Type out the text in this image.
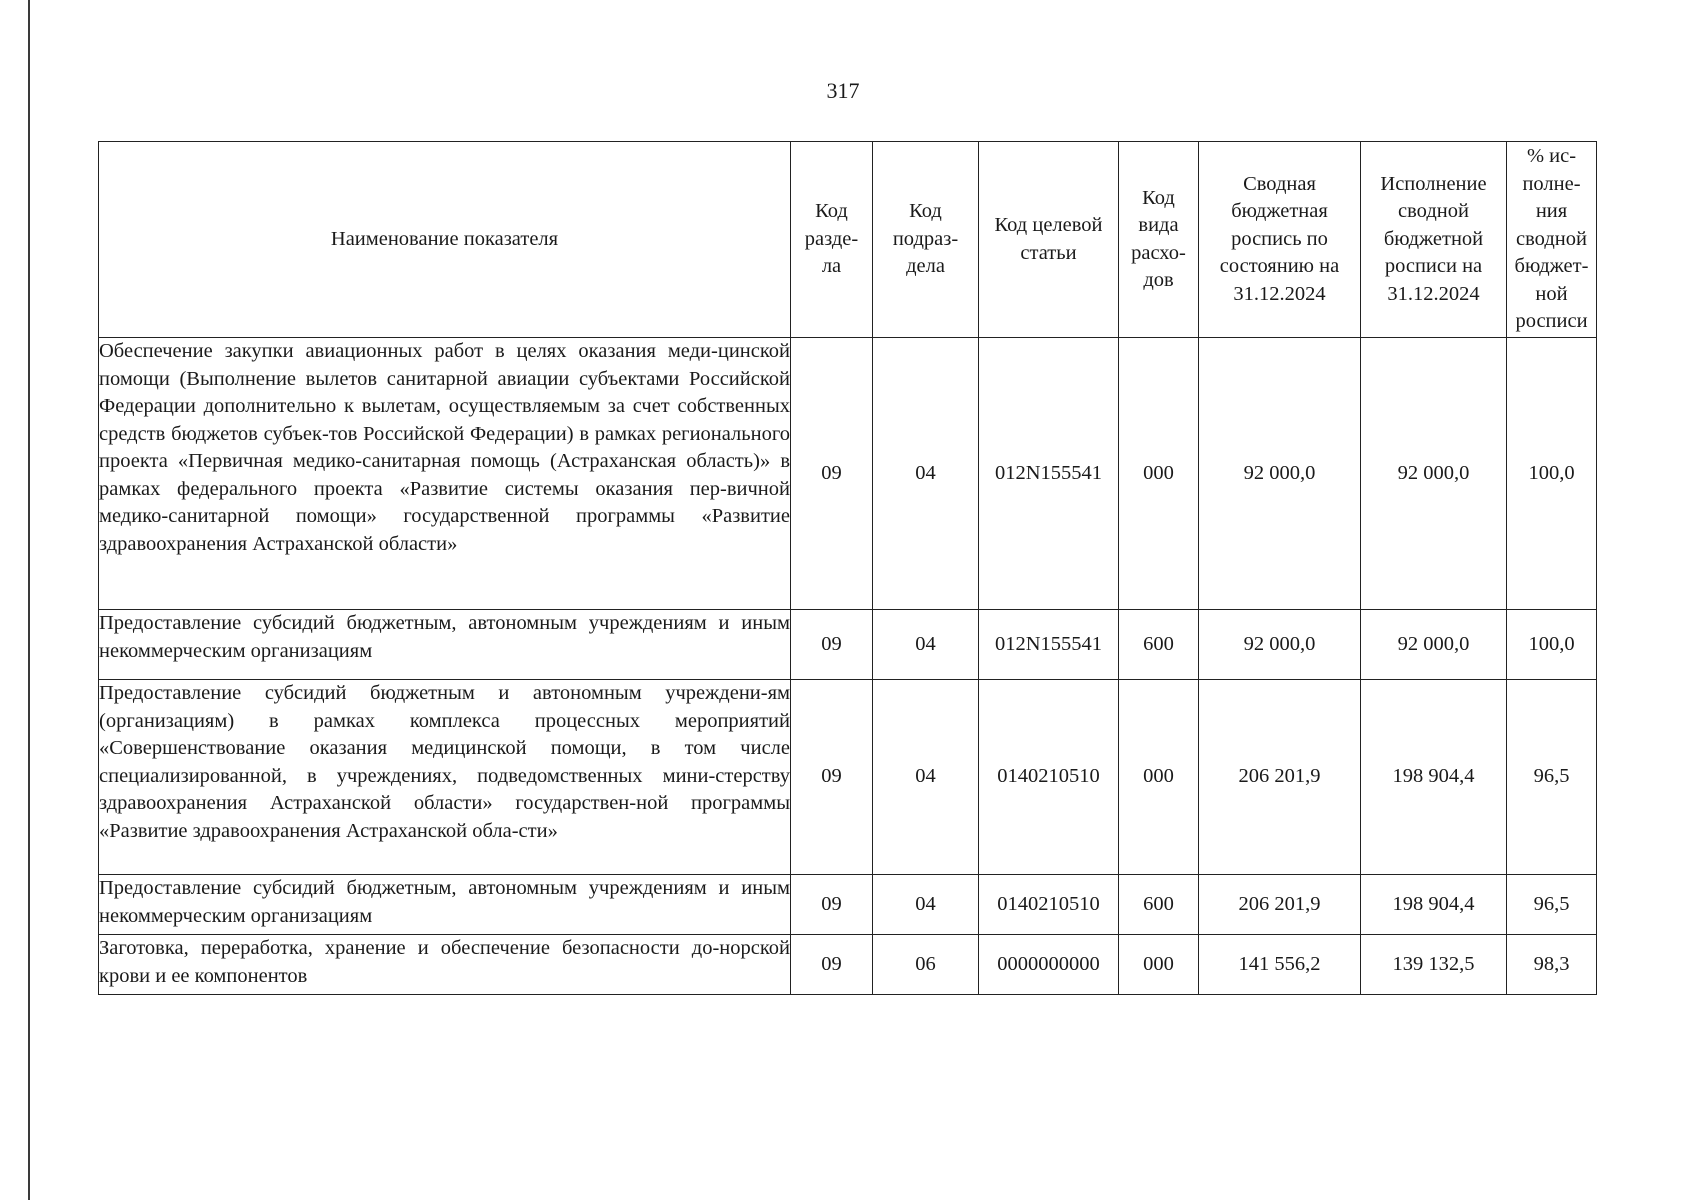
317
Наименование показателя	Код разде-ла	Код подраз-дела	Код целевой статьи	Код вида расхо-дов	Сводная бюджетная роспись по состоянию на 31.12.2024	Исполнение сводной бюджетной росписи на 31.12.2024	% ис-полне-ния сводной бюджет-ной росписи

Обеспечение закупки авиационных работ в целях оказания меди-цинской помощи (Выполнение вылетов санитарной авиации субъектами Российской Федерации дополнительно к вылетам, осуществляемым за счет собственных средств бюджетов субъек-тов Российской Федерации) в рамках регионального проекта «Первичная медико-санитарная помощь (Астраханская область)» в рамках федерального проекта «Развитие системы оказания пер-вичной медико-санитарной помощи» государственной программы «Развитие здравоохранения Астраханской области»	09	04	012N155541	000	92 000,0	92 000,0	100,0
Предоставление субсидий бюджетным, автономным учреждениям и иным некоммерческим организациям	09	04	012N155541	600	92 000,0	92 000,0	100,0
Предоставление субсидий бюджетным и автономным учреждени-ям (организациям) в рамках комплекса процессных мероприятий «Совершенствование оказания медицинской помощи, в том числе специализированной, в учреждениях, подведомственных мини-стерству здравоохранения Астраханской области» государствен-ной программы «Развитие здравоохранения Астраханской обла-сти»	09	04	0140210510	000	206 201,9	198 904,4	96,5
Предоставление субсидий бюджетным, автономным учреждениям и иным некоммерческим организациям	09	04	0140210510	600	206 201,9	198 904,4	96,5
Заготовка, переработка, хранение и обеспечение безопасности до-норской крови и ее компонентов	09	06	0000000000	000	141 556,2	139 132,5	98,3
